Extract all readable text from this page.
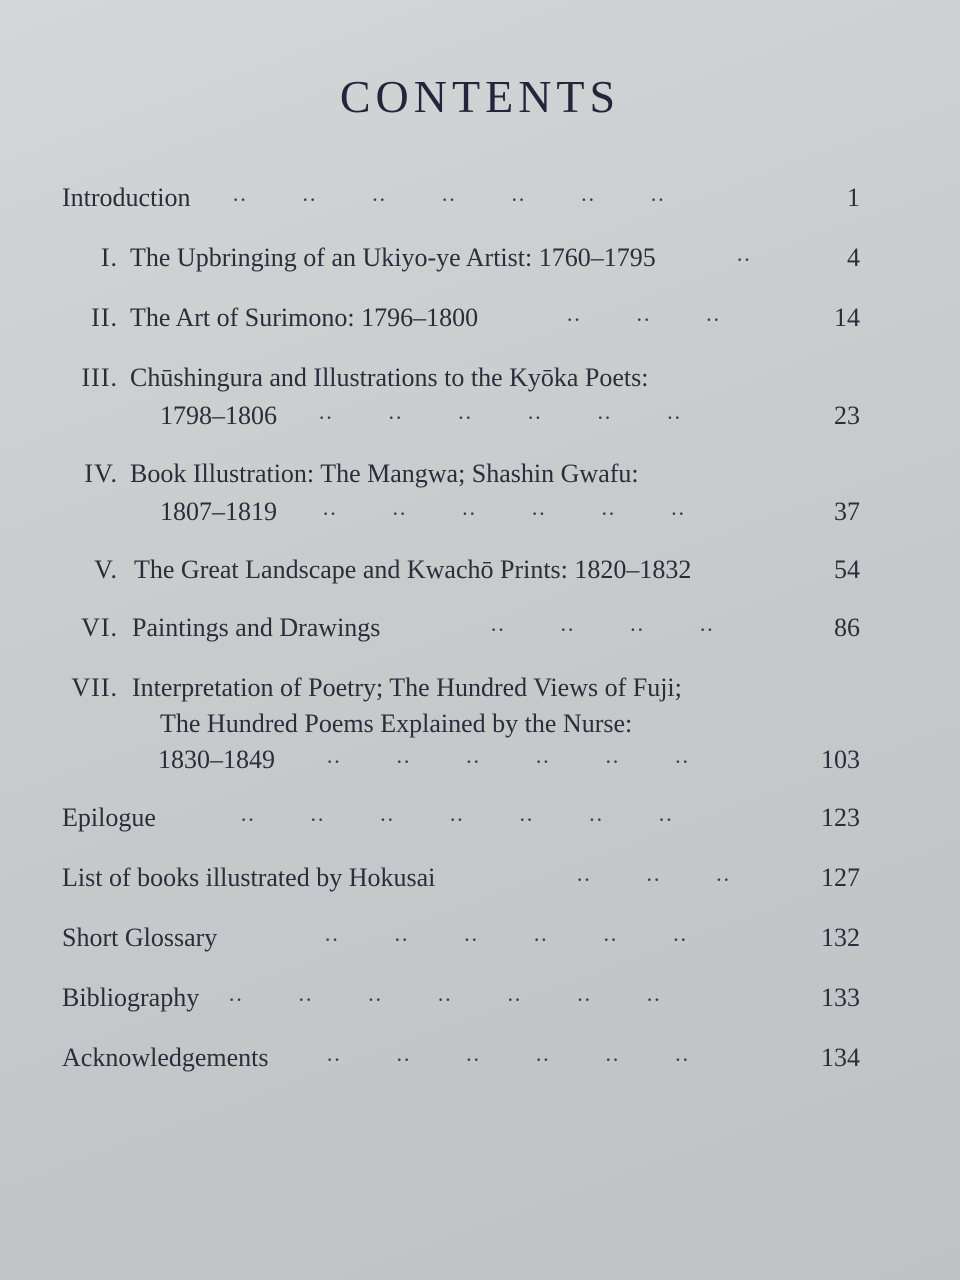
CONTENTS
Introduction ··          ··          ··          ··          ··          ··          ··	1
I. The Upbringing of an Ukiyo-ye Artist: 1760–1795	··	4
II. The Art of Surimono: 1796–1800	··          ··          ··	14
III. Chūshingura and Illustrations to the Kyōka Poets:
1798–1806 ··          ··          ··          ··          ··          ··	23
IV. Book Illustration: The Mangwa; Shashin Gwafu:
1807–1819 ··          ··          ··          ··          ··          ··	37
V. The Great Landscape and Kwachō Prints: 1820–1832	54
VI. Paintings and Drawings	··          ··          ··          ··	86
VII. Interpretation of Poetry; The Hundred Views of Fuji;
The Hundred Poems Explained by the Nurse:
1830–1849 ··          ··          ··          ··          ··          ··	103
Epilogue	··          ··          ··          ··          ··          ··          ··	123
List of books illustrated by Hokusai	··          ··          ··	127
Short Glossary	··          ··          ··          ··          ··          ··	132
Bibliography ··          ··          ··          ··          ··          ··          ··	133
Acknowledgements	··          ··          ··          ··          ··          ··	134
